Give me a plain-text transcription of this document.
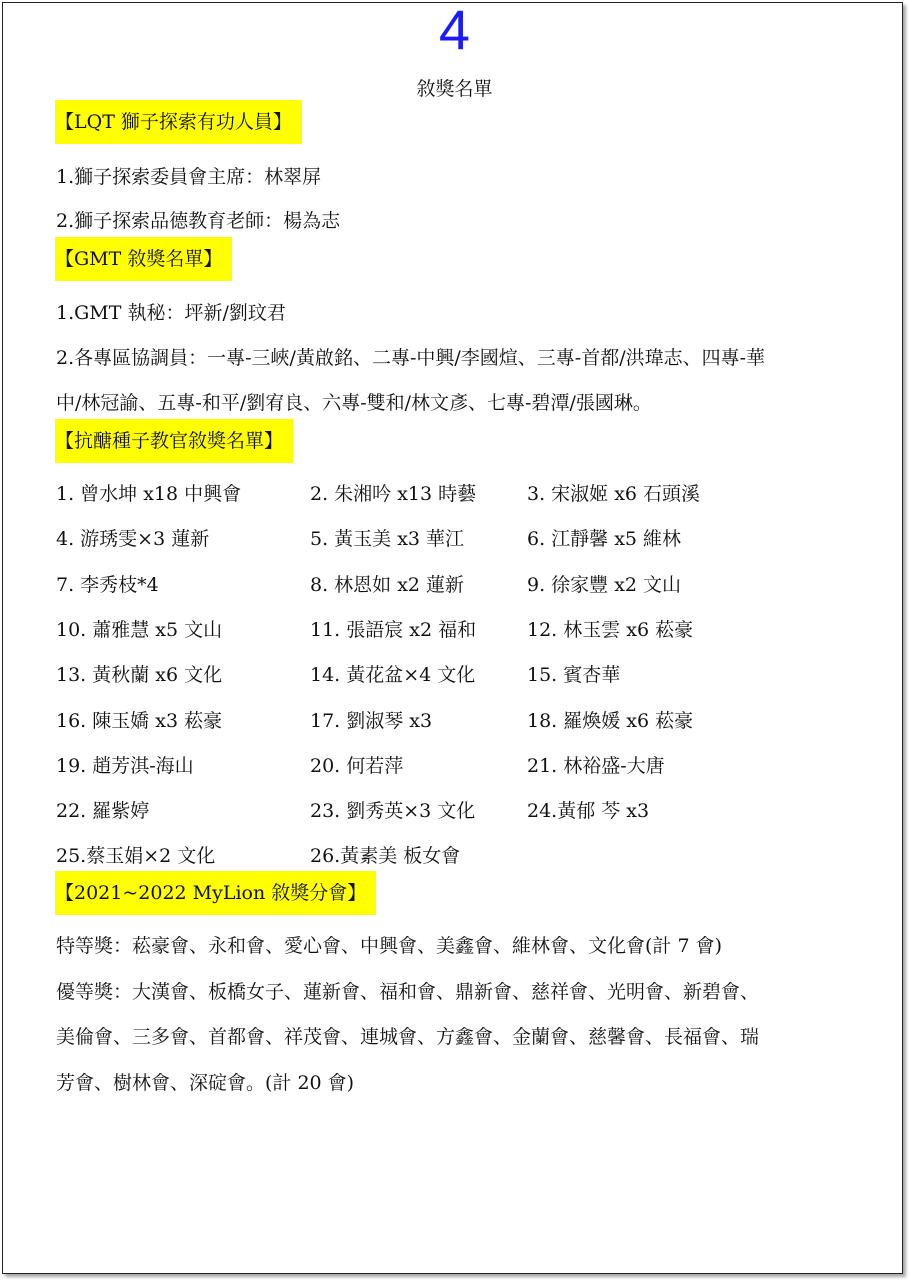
4
敘獎名單
【LQT 獅子探索有功人員】
1.獅子探索委員會主席：林翠屏
2.獅子探索品德教育老師：楊為志
【GMT 敘獎名單】
1.GMT 執秘：坪新/劉玟君
2.各專區協調員：一專-三峽/黃啟銘、二專-中興/李國煊、三專-首都/洪瑋志、四專-華
中/林冠諭、五專-和平/劉宥良、六專-雙和/林文彥、七專-碧潭/張國琳。
【抗醣種子教官敘獎名單】
1. 曾水坤 x18 中興會	2. 朱湘吟 x13 時藝	3. 宋淑姬 x6 石頭溪
4. 游琇雯×3 蓮新	5. 黃玉美 x3 華江	6. 江靜馨 x5 維林
7. 李秀枝*4	8. 林恩如 x2 蓮新	9. 徐家豐 x2 文山
10. 蕭雅慧 x5 文山	11. 張語宸 x2 福和	12. 林玉雲 x6 菘豪
13. 黃秋蘭 x6 文化	14. 黃花盆×4 文化	15. 賓杏華
16. 陳玉嬌 x3 菘豪	17. 劉淑琴 x3	18. 羅煥媛 x6 菘豪
19. 趙芳淇-海山	20. 何若萍	21. 林裕盛-大唐
22. 羅紫婷	23. 劉秀英×3 文化	24.黃郁 芩 x3
25.蔡玉娟×2 文化	26.黃素美 板女會
【2021~2022 MyLion 敘獎分會】
特等獎：菘豪會、永和會、愛心會、中興會、美鑫會、維林會、文化會(計 7 會)
優等獎：大漢會、板橋女子、蓮新會、福和會、鼎新會、慈祥會、光明會、新碧會、
美倫會、三多會、首都會、祥茂會、連城會、方鑫會、金蘭會、慈馨會、長福會、瑞
芳會、樹林會、深碇會。(計 20 會)
